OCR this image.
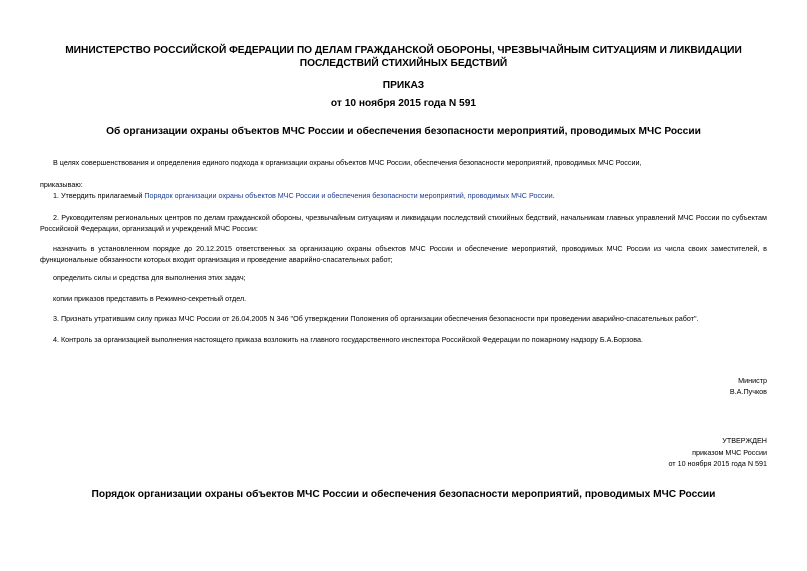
МИНИСТЕРСТВО РОССИЙСКОЙ ФЕДЕРАЦИИ ПО ДЕЛАМ ГРАЖДАНСКОЙ ОБОРОНЫ, ЧРЕЗВЫЧАЙНЫМ СИТУАЦИЯМ И ЛИКВИДАЦИИ ПОСЛЕДСТВИЙ СТИХИЙНЫХ БЕДСТВИЙ
ПРИКАЗ
от 10 ноября 2015 года N 591
Об организации охраны объектов МЧС России и обеспечения безопасности мероприятий, проводимых МЧС России
В целях совершенствования и определения единого подхода к организации охраны объектов МЧС России, обеспечения безопасности мероприятий, проводимых МЧС России,
приказываю:
1. Утвердить прилагаемый Порядок организации охраны объектов МЧС России и обеспечения безопасности мероприятий, проводимых МЧС России.
2. Руководителям региональных центров по делам гражданской обороны, чрезвычайным ситуациям и ликвидации последствий стихийных бедствий, начальникам главных управлений МЧС России по субъектам Российской Федерации, организаций и учреждений МЧС России:
назначить в установленном порядке до 20.12.2015 ответственных за организацию охраны объектов МЧС России и обеспечение мероприятий, проводимых МЧС России из числа своих заместителей, в функциональные обязанности которых входит организация и проведение аварийно-спасательных работ;
определить силы и средства для выполнения этих задач;
копии приказов представить в Режимно-секретный отдел.
3. Признать утратившим силу приказ МЧС России от 26.04.2005 N 346 "Об утверждении Положения об организации обеспечения безопасности при проведении аварийно-спасательных работ".
4. Контроль за организацией выполнения настоящего приказа возложить на главного государственного инспектора Российской Федерации по пожарному надзору Б.А.Борзова.
Министр
В.А.Пучков
УТВЕРЖДЕН
приказом МЧС России
от 10 ноября 2015 года N 591
Порядок организации охраны объектов МЧС России и обеспечения безопасности мероприятий, проводимых МЧС России
